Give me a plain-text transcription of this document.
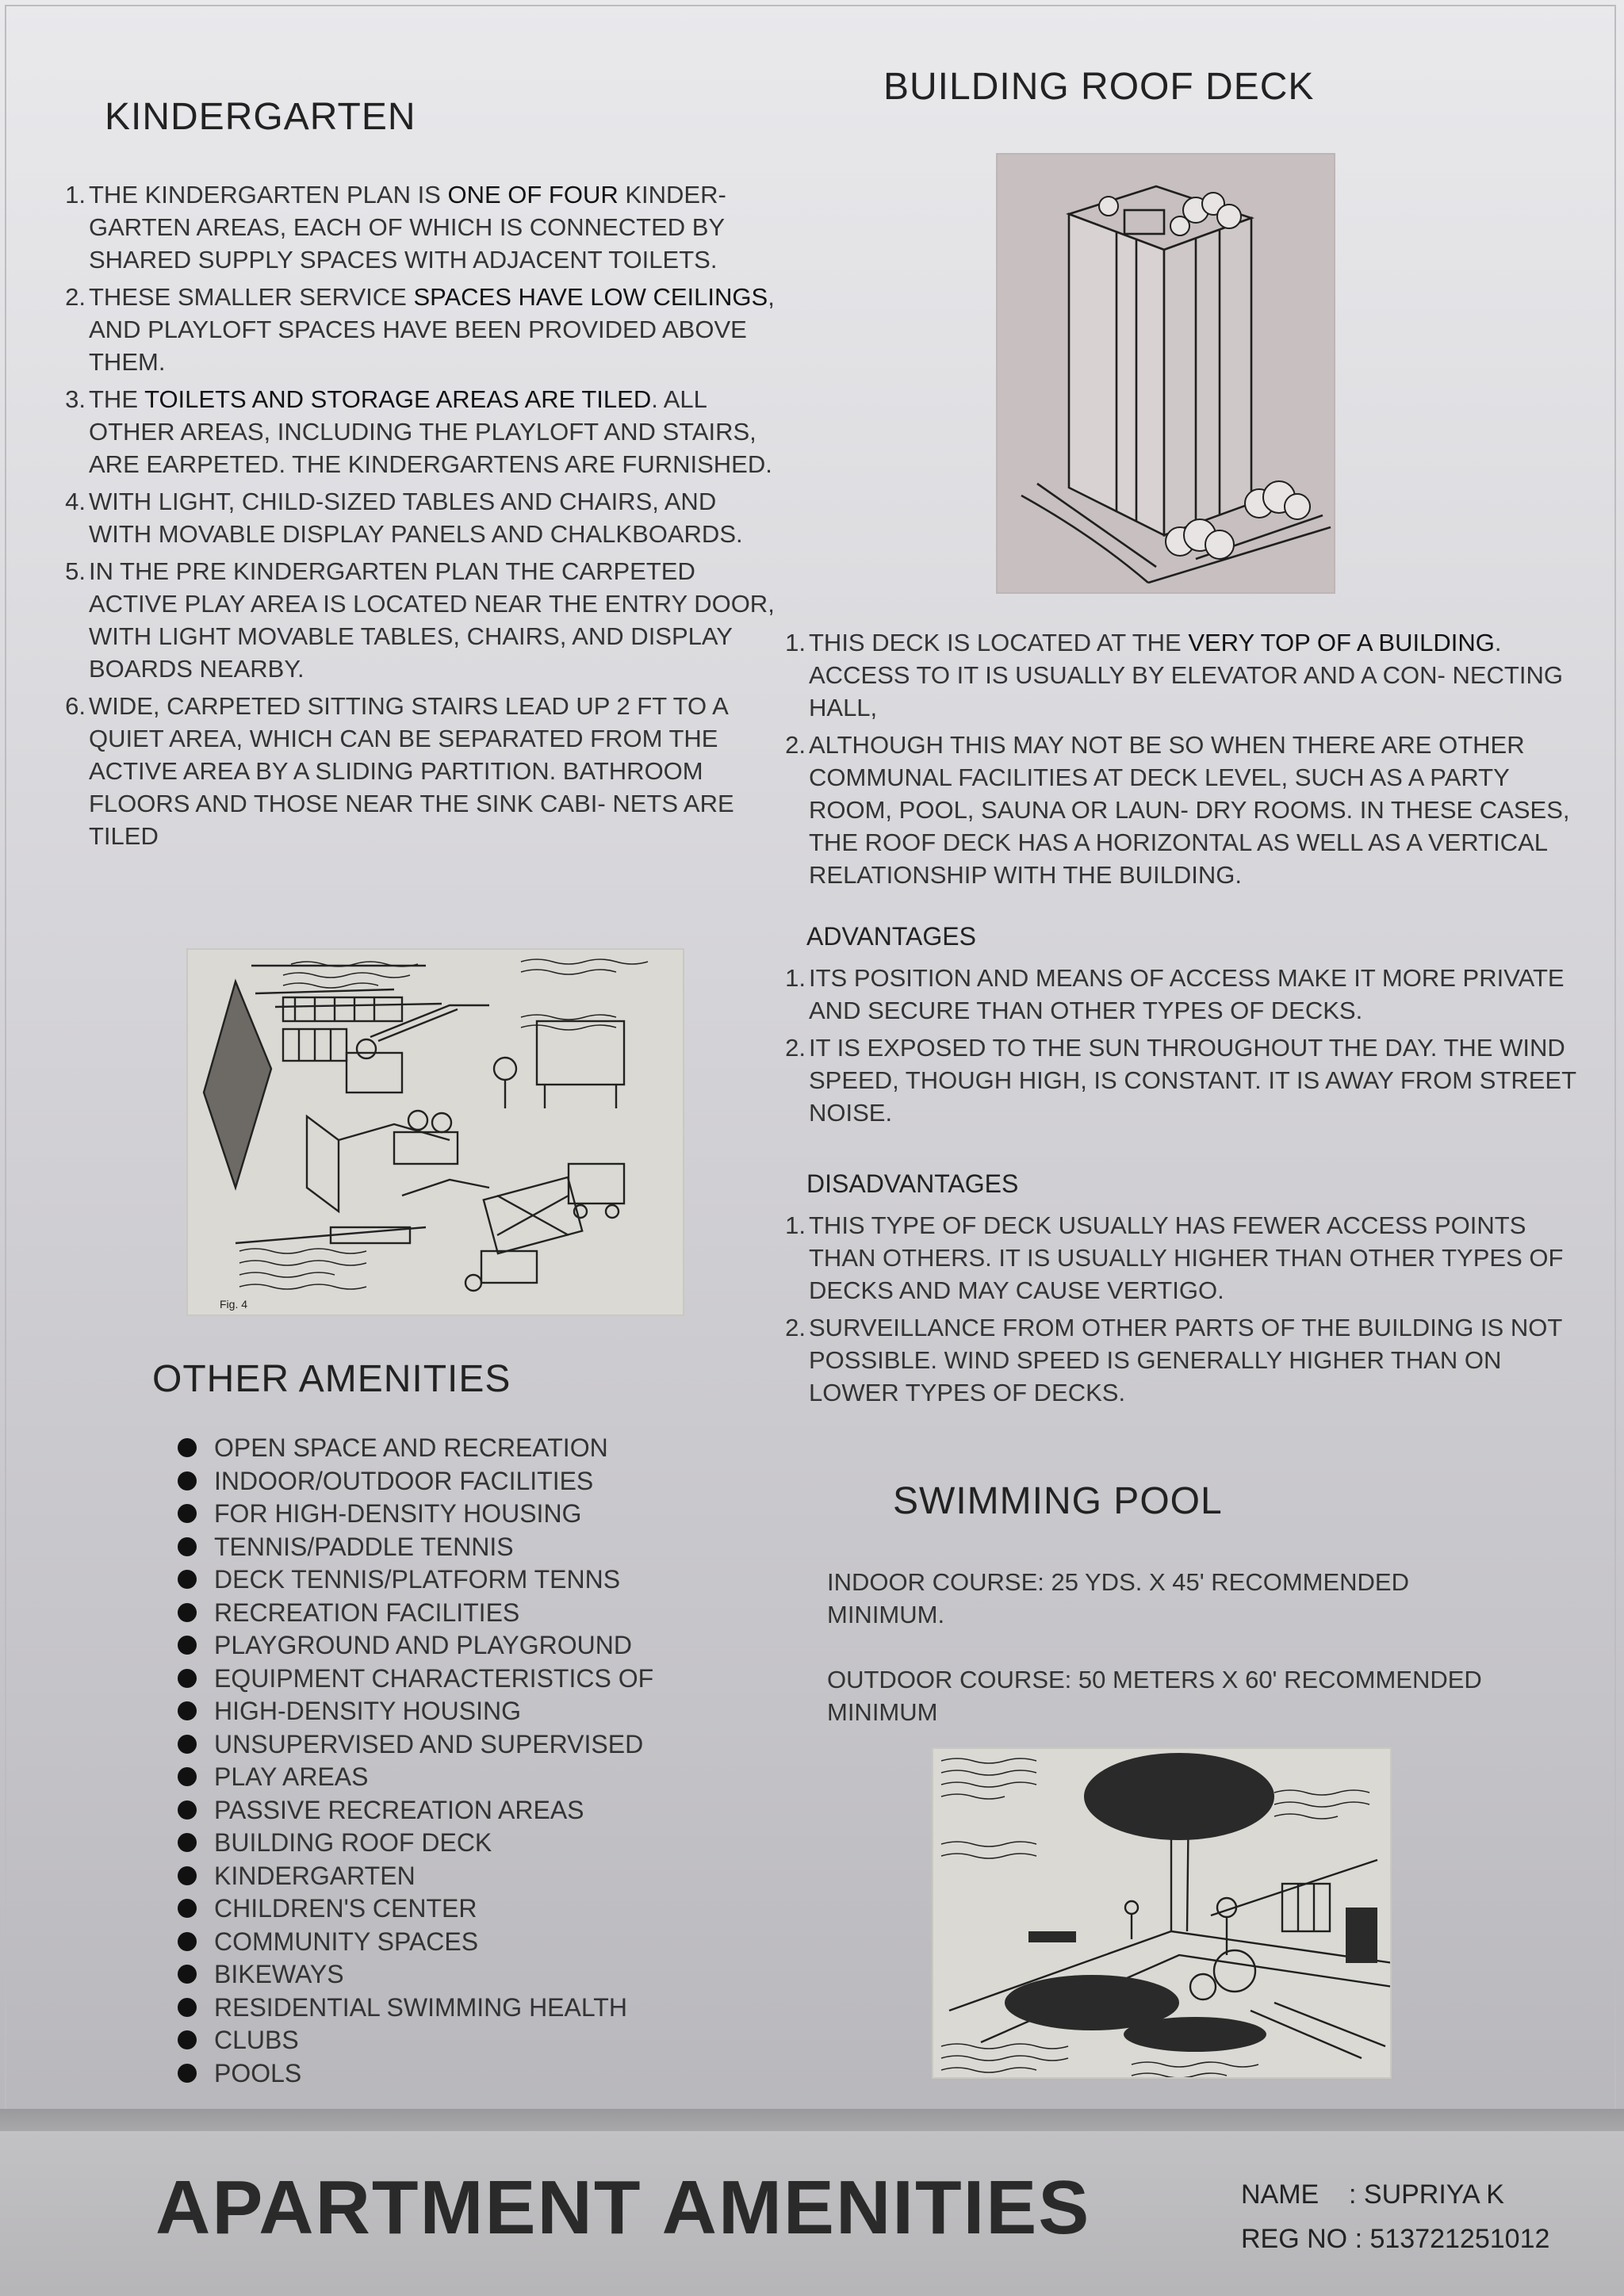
KINDERGARTEN
1. THE KINDERGARTEN PLAN IS ONE OF FOUR KINDER- GARTEN AREAS, EACH OF WHICH IS CONNECTED BY SHARED SUPPLY SPACES WITH ADJACENT TOILETS.
2. THESE SMALLER SERVICE SPACES HAVE LOW CEILINGS, AND PLAYLOFT SPACES HAVE BEEN PROVIDED ABOVE THEM.
3. THE TOILETS AND STORAGE AREAS ARE TILED. ALL OTHER AREAS, INCLUDING THE PLAYLOFT AND STAIRS, ARE EARPETED. THE KINDERGARTENS ARE FURNISHED.
4. WITH LIGHT, CHILD-SIZED TABLES AND CHAIRS, AND WITH MOVABLE DISPLAY PANELS AND CHALKBOARDS.
5. IN THE PRE KINDERGARTEN PLAN THE CARPETED ACTIVE PLAY AREA IS LOCATED NEAR THE ENTRY DOOR, WITH LIGHT MOVABLE TABLES, CHAIRS, AND DISPLAY BOARDS NEARBY.
6. WIDE, CARPETED SITTING STAIRS LEAD UP 2 FT TO A QUIET AREA, WHICH CAN BE SEPARATED FROM THE ACTIVE AREA BY A SLIDING PARTITION. BATHROOM FLOORS AND THOSE NEAR THE SINK CABI- NETS ARE TILED
Fig. 4
OTHER AMENITIES
OPEN SPACE AND RECREATION
INDOOR/OUTDOOR FACILITIES
FOR HIGH-DENSITY HOUSING
TENNIS/PADDLE TENNIS
DECK TENNIS/PLATFORM TENNS
RECREATION FACILITIES
PLAYGROUND AND PLAYGROUND
EQUIPMENT CHARACTERISTICS OF
HIGH-DENSITY HOUSING
UNSUPERVISED AND SUPERVISED
PLAY AREAS
PASSIVE RECREATION AREAS
BUILDING ROOF DECK
KINDERGARTEN
CHILDREN'S CENTER
COMMUNITY SPACES
BIKEWAYS
RESIDENTIAL SWIMMING HEALTH
CLUBS
POOLS
BUILDING ROOF DECK
1. THIS DECK IS LOCATED AT THE VERY TOP OF A BUILDING. ACCESS TO IT IS USUALLY BY ELEVATOR AND A CON- NECTING HALL,
2. ALTHOUGH THIS MAY NOT BE SO WHEN THERE ARE OTHER COMMUNAL FACILITIES AT DECK LEVEL, SUCH AS A PARTY ROOM, POOL, SAUNA OR LAUN- DRY ROOMS. IN THESE CASES, THE ROOF DECK HAS A HORIZONTAL AS WELL AS A VERTICAL RELATIONSHIP WITH THE BUILDING.
ADVANTAGES
1. ITS POSITION AND MEANS OF ACCESS MAKE IT MORE PRIVATE AND SECURE THAN OTHER TYPES OF DECKS.
2. IT IS EXPOSED TO THE SUN THROUGHOUT THE DAY. THE WIND SPEED, THOUGH HIGH, IS CONSTANT. IT IS AWAY FROM STREET NOISE.
DISADVANTAGES
1. THIS TYPE OF DECK USUALLY HAS FEWER ACCESS POINTS THAN OTHERS. IT IS USUALLY HIGHER THAN OTHER TYPES OF DECKS AND MAY CAUSE VERTIGO.
2. SURVEILLANCE FROM OTHER PARTS OF THE BUILDING IS NOT POSSIBLE. WIND SPEED IS GENERALLY HIGHER THAN ON LOWER TYPES OF DECKS.
SWIMMING POOL
INDOOR COURSE: 25 YDS. X 45' RECOMMENDED MINIMUM.
OUTDOOR COURSE: 50 METERS X 60' RECOMMENDED MINIMUM
APARTMENT AMENITIES	NAME : SUPRIYA K
REG NO : 513721251012
